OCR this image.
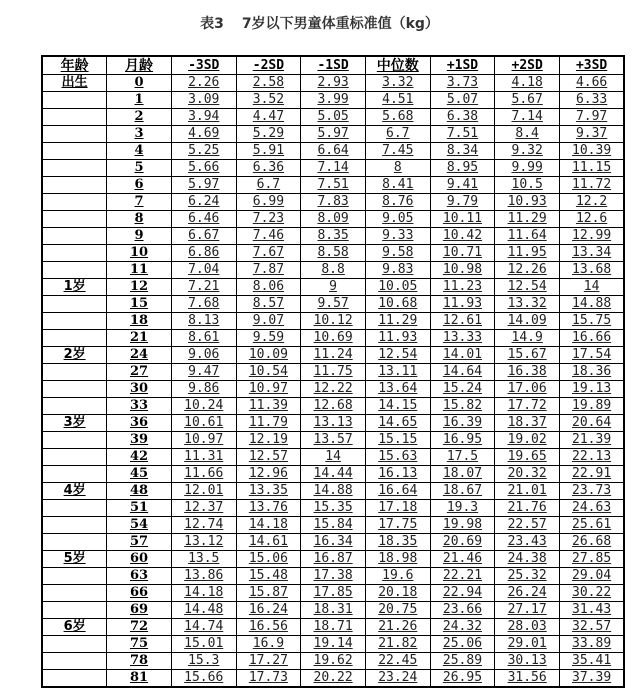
表3 7岁以下男童体重标准值（kg）
年龄	月龄	-3SD	-2SD	-1SD	中位数	+1SD	+2SD	+3SD
出生	0	2.26	2.58	2.93	3.32	3.73	4.18	4.66
	1	3.09	3.52	3.99	4.51	5.07	5.67	6.33
	2	3.94	4.47	5.05	5.68	6.38	7.14	7.97
	3	4.69	5.29	5.97	6.7	7.51	8.4	9.37
	4	5.25	5.91	6.64	7.45	8.34	9.32	10.39
	5	5.66	6.36	7.14	8	8.95	9.99	11.15
	6	5.97	6.7	7.51	8.41	9.41	10.5	11.72
	7	6.24	6.99	7.83	8.76	9.79	10.93	12.2
	8	6.46	7.23	8.09	9.05	10.11	11.29	12.6
	9	6.67	7.46	8.35	9.33	10.42	11.64	12.99
	10	6.86	7.67	8.58	9.58	10.71	11.95	13.34
	11	7.04	7.87	8.8	9.83	10.98	12.26	13.68
1岁	12	7.21	8.06	9	10.05	11.23	12.54	14
	15	7.68	8.57	9.57	10.68	11.93	13.32	14.88
	18	8.13	9.07	10.12	11.29	12.61	14.09	15.75
	21	8.61	9.59	10.69	11.93	13.33	14.9	16.66
2岁	24	9.06	10.09	11.24	12.54	14.01	15.67	17.54
	27	9.47	10.54	11.75	13.11	14.64	16.38	18.36
	30	9.86	10.97	12.22	13.64	15.24	17.06	19.13
	33	10.24	11.39	12.68	14.15	15.82	17.72	19.89
3岁	36	10.61	11.79	13.13	14.65	16.39	18.37	20.64
	39	10.97	12.19	13.57	15.15	16.95	19.02	21.39
	42	11.31	12.57	14	15.63	17.5	19.65	22.13
	45	11.66	12.96	14.44	16.13	18.07	20.32	22.91
4岁	48	12.01	13.35	14.88	16.64	18.67	21.01	23.73
	51	12.37	13.76	15.35	17.18	19.3	21.76	24.63
	54	12.74	14.18	15.84	17.75	19.98	22.57	25.61
	57	13.12	14.61	16.34	18.35	20.69	23.43	26.68
5岁	60	13.5	15.06	16.87	18.98	21.46	24.38	27.85
	63	13.86	15.48	17.38	19.6	22.21	25.32	29.04
	66	14.18	15.87	17.85	20.18	22.94	26.24	30.22
	69	14.48	16.24	18.31	20.75	23.66	27.17	31.43
6岁	72	14.74	16.56	18.71	21.26	24.32	28.03	32.57
	75	15.01	16.9	19.14	21.82	25.06	29.01	33.89
	78	15.3	17.27	19.62	22.45	25.89	30.13	35.41
	81	15.66	17.73	20.22	23.24	26.95	31.56	37.39
